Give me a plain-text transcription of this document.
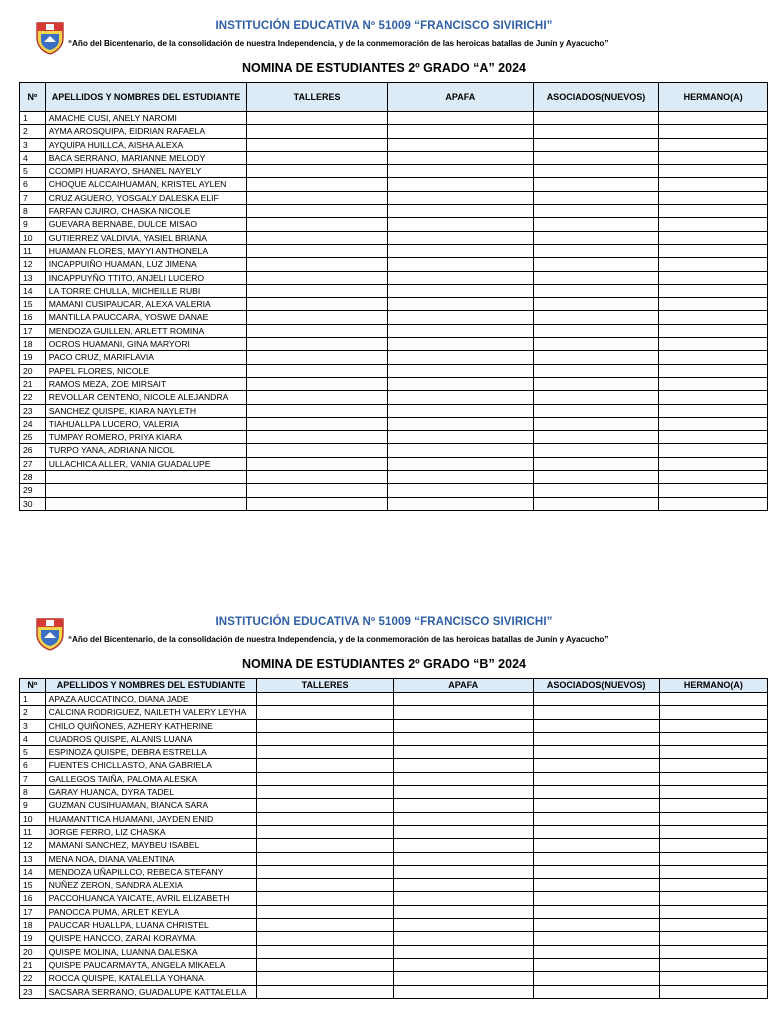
INSTITUCIÓN EDUCATIVA Nº 51009 “FRANCISCO SIVIRICHI”
“Año del Bicentenario, de la consolidación de nuestra Independencia, y de la conmemoración de las heroicas batallas de Junín y Ayacucho”
NOMINA DE ESTUDIANTES 2º GRADO “A” 2024
Nº	APELLIDOS Y NOMBRES DEL ESTUDIANTE	TALLERES	APAFA	ASOCIADOS(NUEVOS)	HERMANO(A)
1	AMACHE CUSI, ANELY NAROMI				
2	AYMA AROSQUIPA, EIDRIAN RAFAELA				
3	AYQUIPA HUILLCA, AISHA ALEXA				
4	BACA SERRANO, MARIANNE MELODY				
5	CCOMPI HUARAYO, SHANEL NAYELY				
6	CHOQUE ALCCAIHUAMAN, KRISTEL AYLEN				
7	CRUZ AGUERO, YOSGALY DALESKA ELIF				
8	FARFAN CJUIRO, CHASKA NICOLE				
9	GUEVARA BERNABE, DULCE MISAO				
10	GUTIERREZ VALDIVIA, YASIEL BRIANA				
11	HUAMAN FLORES, MAYYI ANTHONELA				
12	INCAPPUIÑO HUAMAN, LUZ JIMENA				
13	INCAPPUYÑO TTITO, ANJELI LUCERO				
14	LA TORRE CHULLA, MICHEILLE RUBI				
15	MAMANI CUSIPAUCAR, ALEXA VALERIA				
16	MANTILLA PAUCCARA, YOSWE DANAE				
17	MENDOZA GUILLEN, ARLETT ROMINA				
18	OCROS HUAMANI, GINA MARYORI				
19	PACO CRUZ, MARIFLAVIA				
20	PAPEL FLORES, NICOLE				
21	RAMOS MEZA, ZOE MIRSAIT				
22	REVOLLAR CENTENO, NICOLE ALEJANDRA				
23	SANCHEZ QUISPE, KIARA NAYLETH				
24	TIAHUALLPA LUCERO, VALERIA				
25	TUMPAY ROMERO, PRIYA KIARA				
26	TURPO YANA, ADRIANA NICOL				
27	ULLACHICA ALLER, VANIA GUADALUPE				
28					
29					
30					
INSTITUCIÓN EDUCATIVA Nº 51009 “FRANCISCO SIVIRICHI”
“Año del Bicentenario, de la consolidación de nuestra Independencia, y de la conmemoración de las heroicas batallas de Junín y Ayacucho”
NOMINA DE ESTUDIANTES 2º GRADO “B” 2024
Nº	APELLIDOS Y NOMBRES DEL ESTUDIANTE	TALLERES	APAFA	ASOCIADOS(NUEVOS)	HERMANO(A)
1	APAZA AUCCATINCO, DIANA JADE				
2	CALCINA RODRIGUEZ, NAILETH VALERY LEYHA				
3	CHILO QUIÑONES, AZHERY KATHERINE				
4	CUADROS QUISPE, ALANIS LUANA				
5	ESPINOZA QUISPE, DEBRA ESTRELLA				
6	FUENTES CHICLLASTO, ANA GABRIELA				
7	GALLEGOS TAIÑA, PALOMA ALESKA				
8	GARAY HUANCA, DYRA TADEL				
9	GUZMAN CUSIHUAMAN, BIANCA SARA				
10	HUAMANTTICA HUAMANI, JAYDEN ENID				
11	JORGE FERRO, LIZ CHASKA				
12	MAMANI SANCHEZ, MAYBEU ISABEL				
13	MENA NOA, DIANA VALENTINA				
14	MENDOZA UÑAPILLCO, REBECA STEFANY				
15	NUÑEZ ZERON, SANDRA ALEXIA				
16	PACCOHUANCA YAICATE, AVRIL ELIZABETH				
17	PANOCCA PUMA, ARLET KEYLA				
18	PAUCCAR HUALLPA, LUANA CHRISTEL				
19	QUISPE HANCCO, ZARAI KORAYMA				
20	QUISPE MOLINA, LUANNA DALESKA				
21	QUISPE PAUCARMAYTA, ANGELA MIKAELA				
22	ROCCA QUISPE, KATALELLA YOHANA				
23	SACSARA SERRANO, GUADALUPE KATTALELLA				
